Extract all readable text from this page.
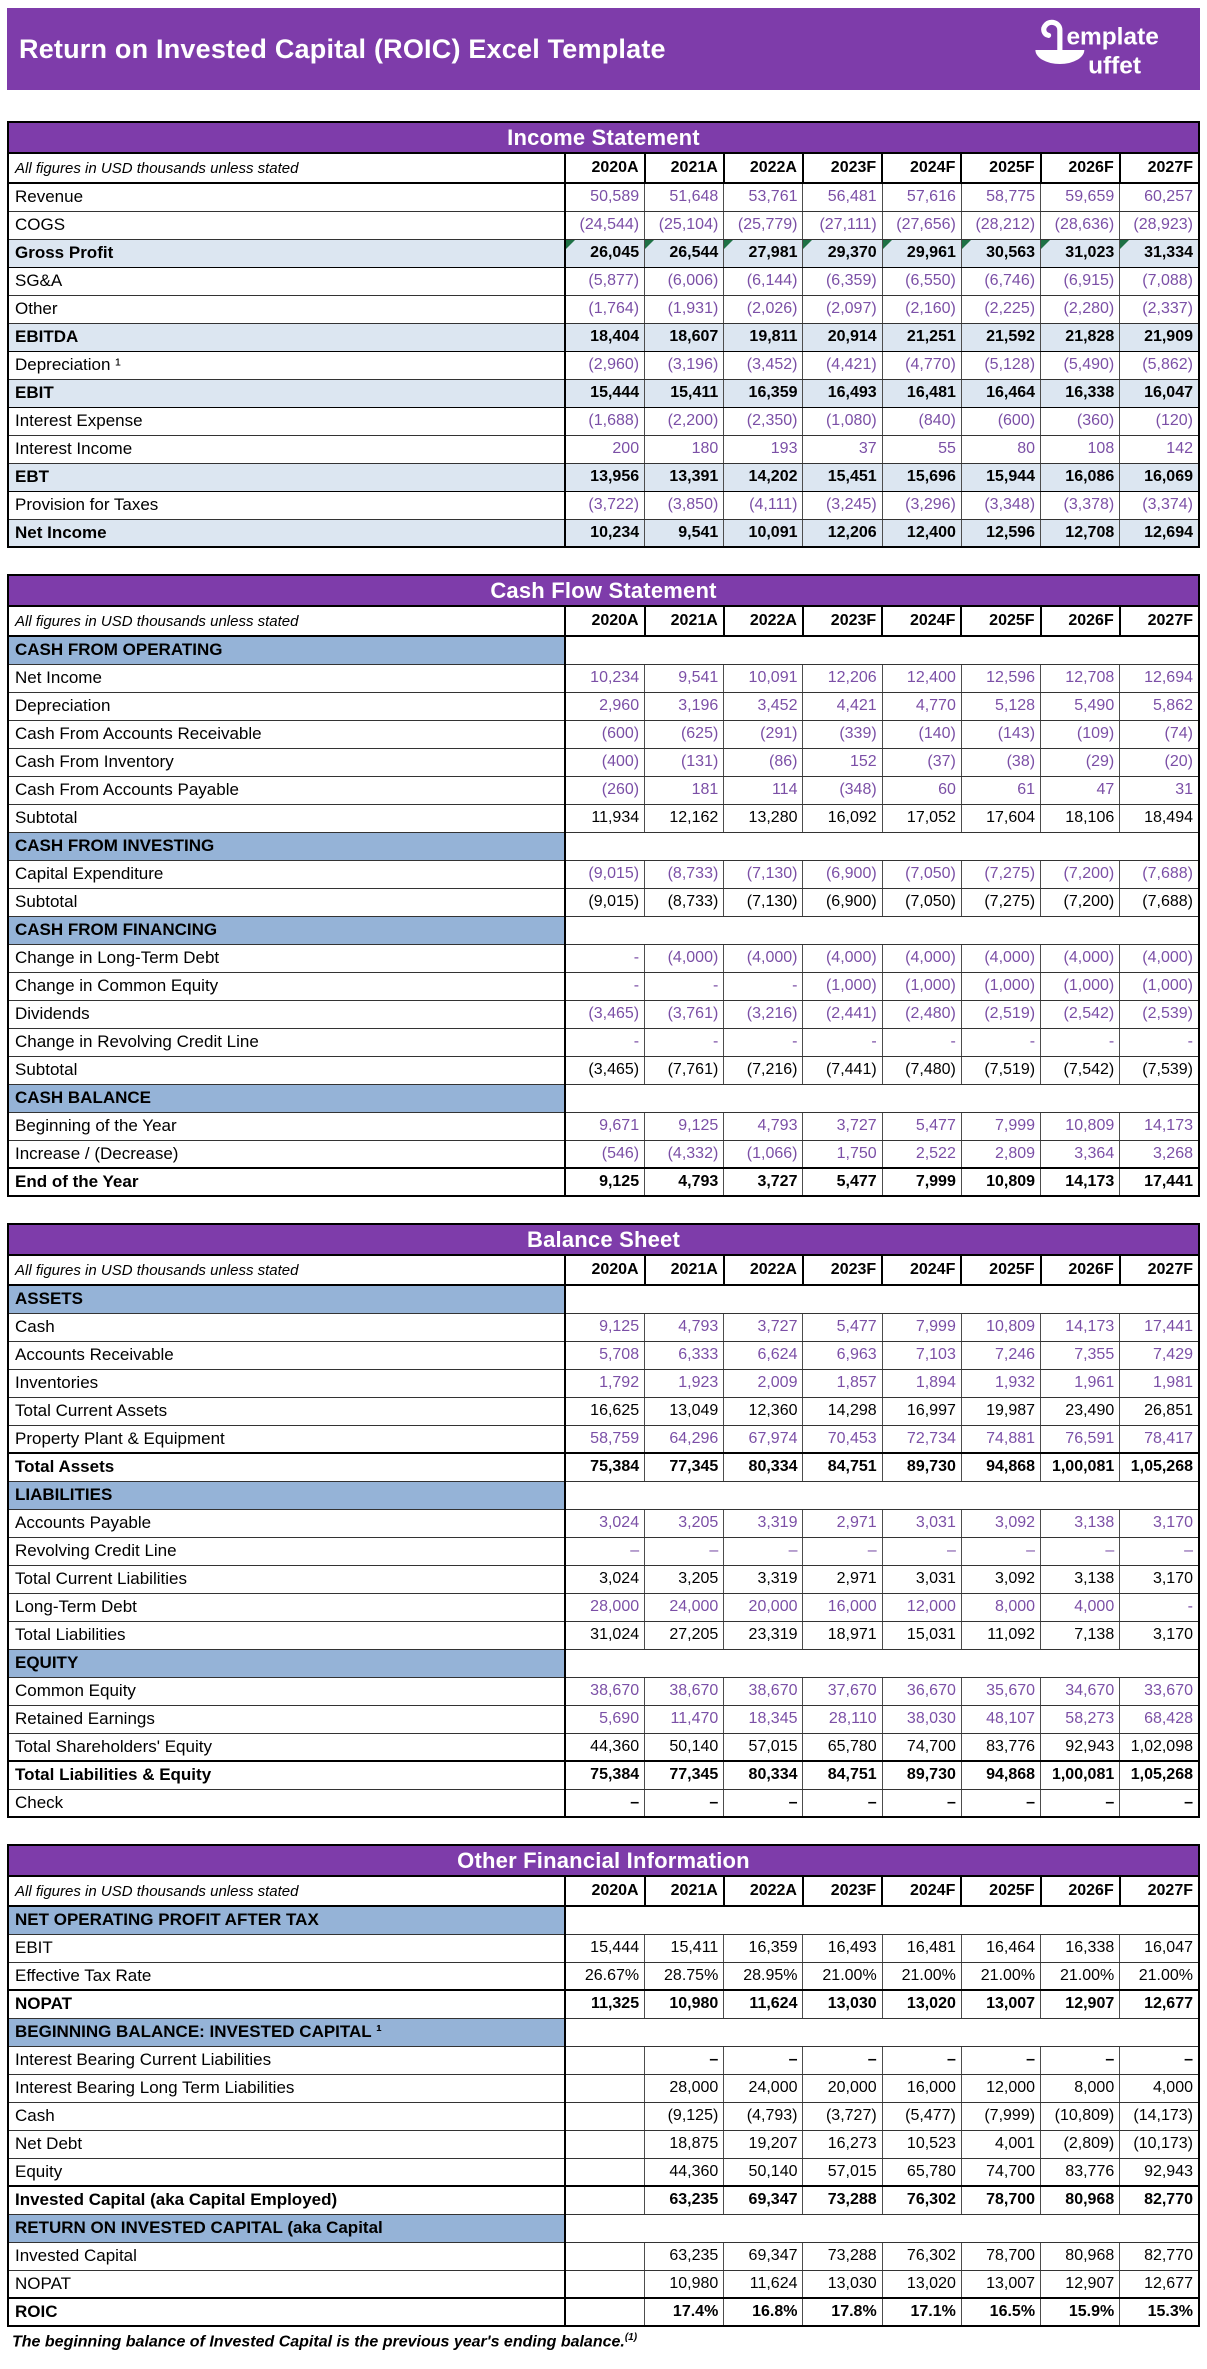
Return on Invested Capital (ROIC) Excel Template	emplate
uffet
Income Statement								
All figures in USD thousands unless stated	2020A	2021A	2022A	2023F	2024F	2025F	2026F	2027F
Revenue	50,589	51,648	53,761	56,481	57,616	58,775	59,659	60,257
COGS	(24,544)	(25,104)	(25,779)	(27,111)	(27,656)	(28,212)	(28,636)	(28,923)
Gross Profit	26,045	26,544	27,981	29,370	29,961	30,563	31,023	31,334
SG&A	(5,877)	(6,006)	(6,144)	(6,359)	(6,550)	(6,746)	(6,915)	(7,088)
Other	(1,764)	(1,931)	(2,026)	(2,097)	(2,160)	(2,225)	(2,280)	(2,337)
EBITDA	18,404	18,607	19,811	20,914	21,251	21,592	21,828	21,909
Depreciation ¹	(2,960)	(3,196)	(3,452)	(4,421)	(4,770)	(5,128)	(5,490)	(5,862)
EBIT	15,444	15,411	16,359	16,493	16,481	16,464	16,338	16,047
Interest Expense	(1,688)	(2,200)	(2,350)	(1,080)	(840)	(600)	(360)	(120)
Interest Income	200	180	193	37	55	80	108	142
EBT	13,956	13,391	14,202	15,451	15,696	15,944	16,086	16,069
Provision for Taxes	(3,722)	(3,850)	(4,111)	(3,245)	(3,296)	(3,348)	(3,378)	(3,374)
Net Income	10,234	9,541	10,091	12,206	12,400	12,596	12,708	12,694
Cash Flow Statement								
All figures in USD thousands unless stated	2020A	2021A	2022A	2023F	2024F	2025F	2026F	2027F
CASH FROM OPERATING								
Net Income	10,234	9,541	10,091	12,206	12,400	12,596	12,708	12,694
Depreciation	2,960	3,196	3,452	4,421	4,770	5,128	5,490	5,862
Cash From Accounts Receivable	(600)	(625)	(291)	(339)	(140)	(143)	(109)	(74)
Cash From Inventory	(400)	(131)	(86)	152	(37)	(38)	(29)	(20)
Cash From Accounts Payable	(260)	181	114	(348)	60	61	47	31
Subtotal	11,934	12,162	13,280	16,092	17,052	17,604	18,106	18,494
CASH FROM INVESTING								
Capital Expenditure	(9,015)	(8,733)	(7,130)	(6,900)	(7,050)	(7,275)	(7,200)	(7,688)
Subtotal	(9,015)	(8,733)	(7,130)	(6,900)	(7,050)	(7,275)	(7,200)	(7,688)
CASH FROM FINANCING								
Change in Long-Term Debt	-	(4,000)	(4,000)	(4,000)	(4,000)	(4,000)	(4,000)	(4,000)
Change in Common Equity	-	-	-	(1,000)	(1,000)	(1,000)	(1,000)	(1,000)
Dividends	(3,465)	(3,761)	(3,216)	(2,441)	(2,480)	(2,519)	(2,542)	(2,539)
Change in Revolving Credit Line	-	-	-	-	-	-	-	-
Subtotal	(3,465)	(7,761)	(7,216)	(7,441)	(7,480)	(7,519)	(7,542)	(7,539)
CASH BALANCE								
Beginning of the Year	9,671	9,125	4,793	3,727	5,477	7,999	10,809	14,173
Increase / (Decrease)	(546)	(4,332)	(1,066)	1,750	2,522	2,809	3,364	3,268
End of the Year	9,125	4,793	3,727	5,477	7,999	10,809	14,173	17,441
Balance Sheet								
All figures in USD thousands unless stated	2020A	2021A	2022A	2023F	2024F	2025F	2026F	2027F
ASSETS								
Cash	9,125	4,793	3,727	5,477	7,999	10,809	14,173	17,441
Accounts Receivable	5,708	6,333	6,624	6,963	7,103	7,246	7,355	7,429
Inventories	1,792	1,923	2,009	1,857	1,894	1,932	1,961	1,981
Total Current Assets	16,625	13,049	12,360	14,298	16,997	19,987	23,490	26,851
Property Plant & Equipment	58,759	64,296	67,974	70,453	72,734	74,881	76,591	78,417
Total Assets	75,384	77,345	80,334	84,751	89,730	94,868	1,00,081	1,05,268
LIABILITIES								
Accounts Payable	3,024	3,205	3,319	2,971	3,031	3,092	3,138	3,170
Revolving Credit Line	–	–	–	–	–	–	–	–
Total Current Liabilities	3,024	3,205	3,319	2,971	3,031	3,092	3,138	3,170
Long-Term Debt	28,000	24,000	20,000	16,000	12,000	8,000	4,000	-
Total Liabilities	31,024	27,205	23,319	18,971	15,031	11,092	7,138	3,170
EQUITY								
Common Equity	38,670	38,670	38,670	37,670	36,670	35,670	34,670	33,670
Retained Earnings	5,690	11,470	18,345	28,110	38,030	48,107	58,273	68,428
Total Shareholders' Equity	44,360	50,140	57,015	65,780	74,700	83,776	92,943	1,02,098
Total Liabilities & Equity	75,384	77,345	80,334	84,751	89,730	94,868	1,00,081	1,05,268
Check	–	–	–	–	–	–	–	–
Other Financial Information								
All figures in USD thousands unless stated	2020A	2021A	2022A	2023F	2024F	2025F	2026F	2027F
NET OPERATING PROFIT AFTER TAX								
EBIT	15,444	15,411	16,359	16,493	16,481	16,464	16,338	16,047
Effective Tax Rate	26.67%	28.75%	28.95%	21.00%	21.00%	21.00%	21.00%	21.00%
NOPAT	11,325	10,980	11,624	13,030	13,020	13,007	12,907	12,677
BEGINNING BALANCE: INVESTED CAPITAL ¹								
Interest Bearing Current Liabilities		–	–	–	–	–	–	–
Interest Bearing Long Term Liabilities		28,000	24,000	20,000	16,000	12,000	8,000	4,000
Cash		(9,125)	(4,793)	(3,727)	(5,477)	(7,999)	(10,809)	(14,173)
Net Debt		18,875	19,207	16,273	10,523	4,001	(2,809)	(10,173)
Equity		44,360	50,140	57,015	65,780	74,700	83,776	92,943
Invested Capital (aka Capital Employed)		63,235	69,347	73,288	76,302	78,700	80,968	82,770
RETURN ON INVESTED CAPITAL (aka Capital								
Invested Capital		63,235	69,347	73,288	76,302	78,700	80,968	82,770
NOPAT		10,980	11,624	13,030	13,020	13,007	12,907	12,677
ROIC		17.4%	16.8%	17.8%	17.1%	16.5%	15.9%	15.3%
The beginning balance of Invested Capital is the previous year's ending balance.$^{(1)}$
